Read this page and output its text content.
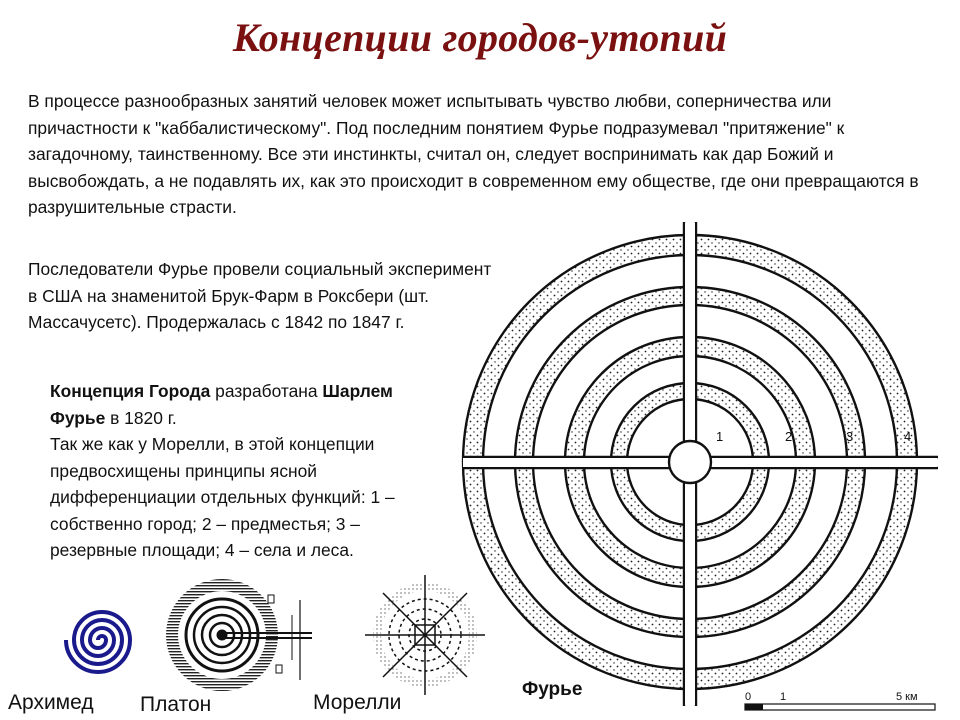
Концепции городов-утопий
В процессе разнообразных занятий человек может испытывать чувство любви, соперничества или причастности к "каббалистическому". Под последним понятием Фурье подразумевал "притяжение" к загадочному, таинственному. Все эти инстинкты, считал он, следует воспринимать как дар Божий и высвобождать, а не подавлять их, как это происходит в современном ему обществе, где они превращаются в разрушительные страсти.
Последователи Фурье провели социальный эксперимент в США на знаменитой Брук-Фарм в Роксбери (шт. Массачусетс). Продержалась с 1842 по 1847 г.
Концепция Города разработана Шарлем Фурье в 1820 г.
Так же как у Морелли, в этой концепции предвосхищены принципы ясной дифференциации отдельных функций: 1 – собственно город; 2 – предместья; 3 – резервные площади; 4 – села и леса.
1	2	3	4
0	1	5 км
Архимед Платон	Морелли
Фурье
